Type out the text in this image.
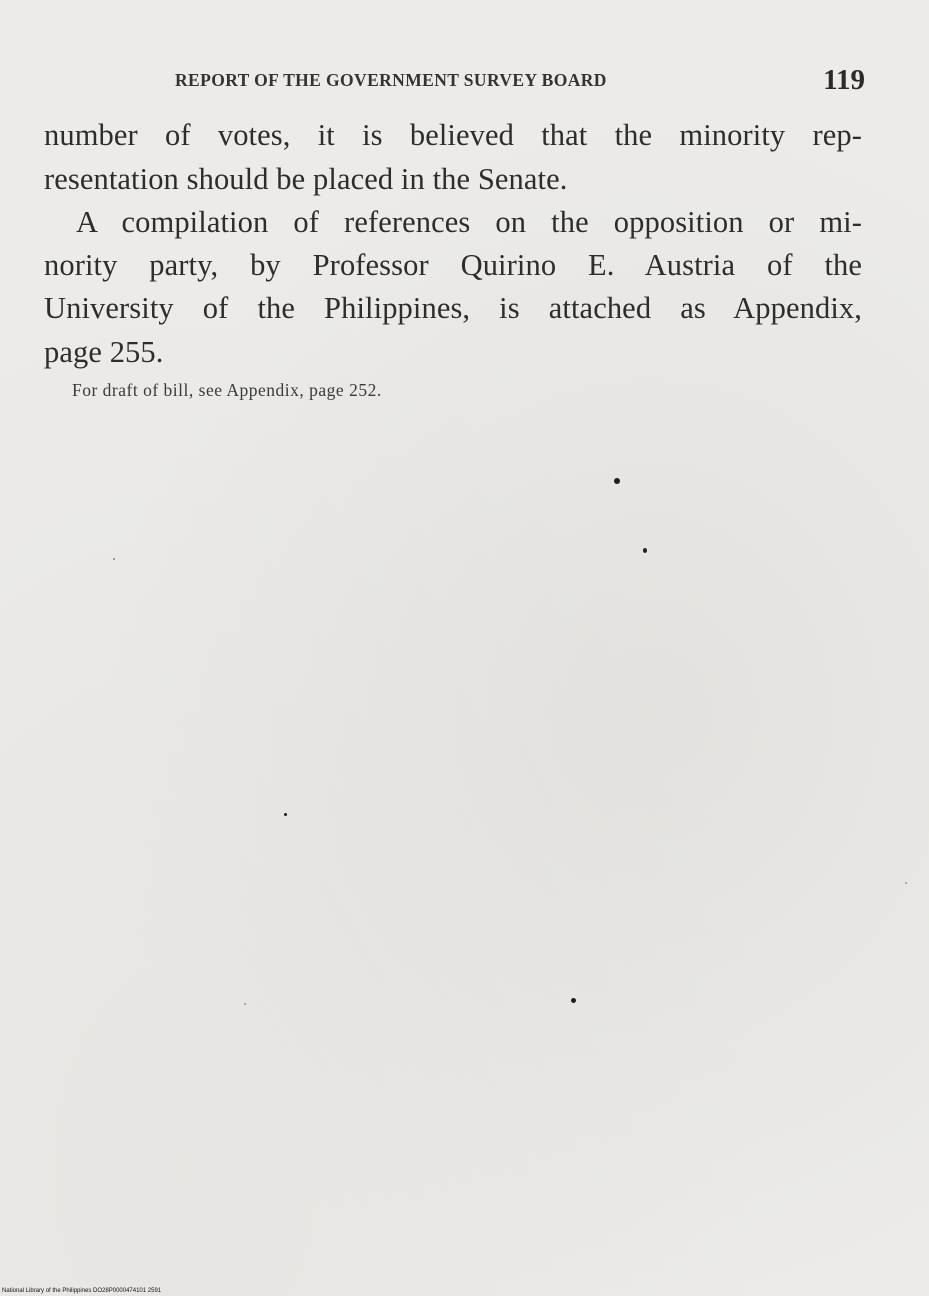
REPORT OF THE GOVERNMENT SURVEY BOARD	119
number of votes, it is believed that the minority rep-
resentation should be placed in the Senate.
A compilation of references on the opposition or mi-
nority party, by Professor Quirino E. Austria of the
University of the Philippines, is attached as Appendix,
page 255.
For draft of bill, see Appendix, page 252.
National Library of the Philippines DO28P0000474101 2591
